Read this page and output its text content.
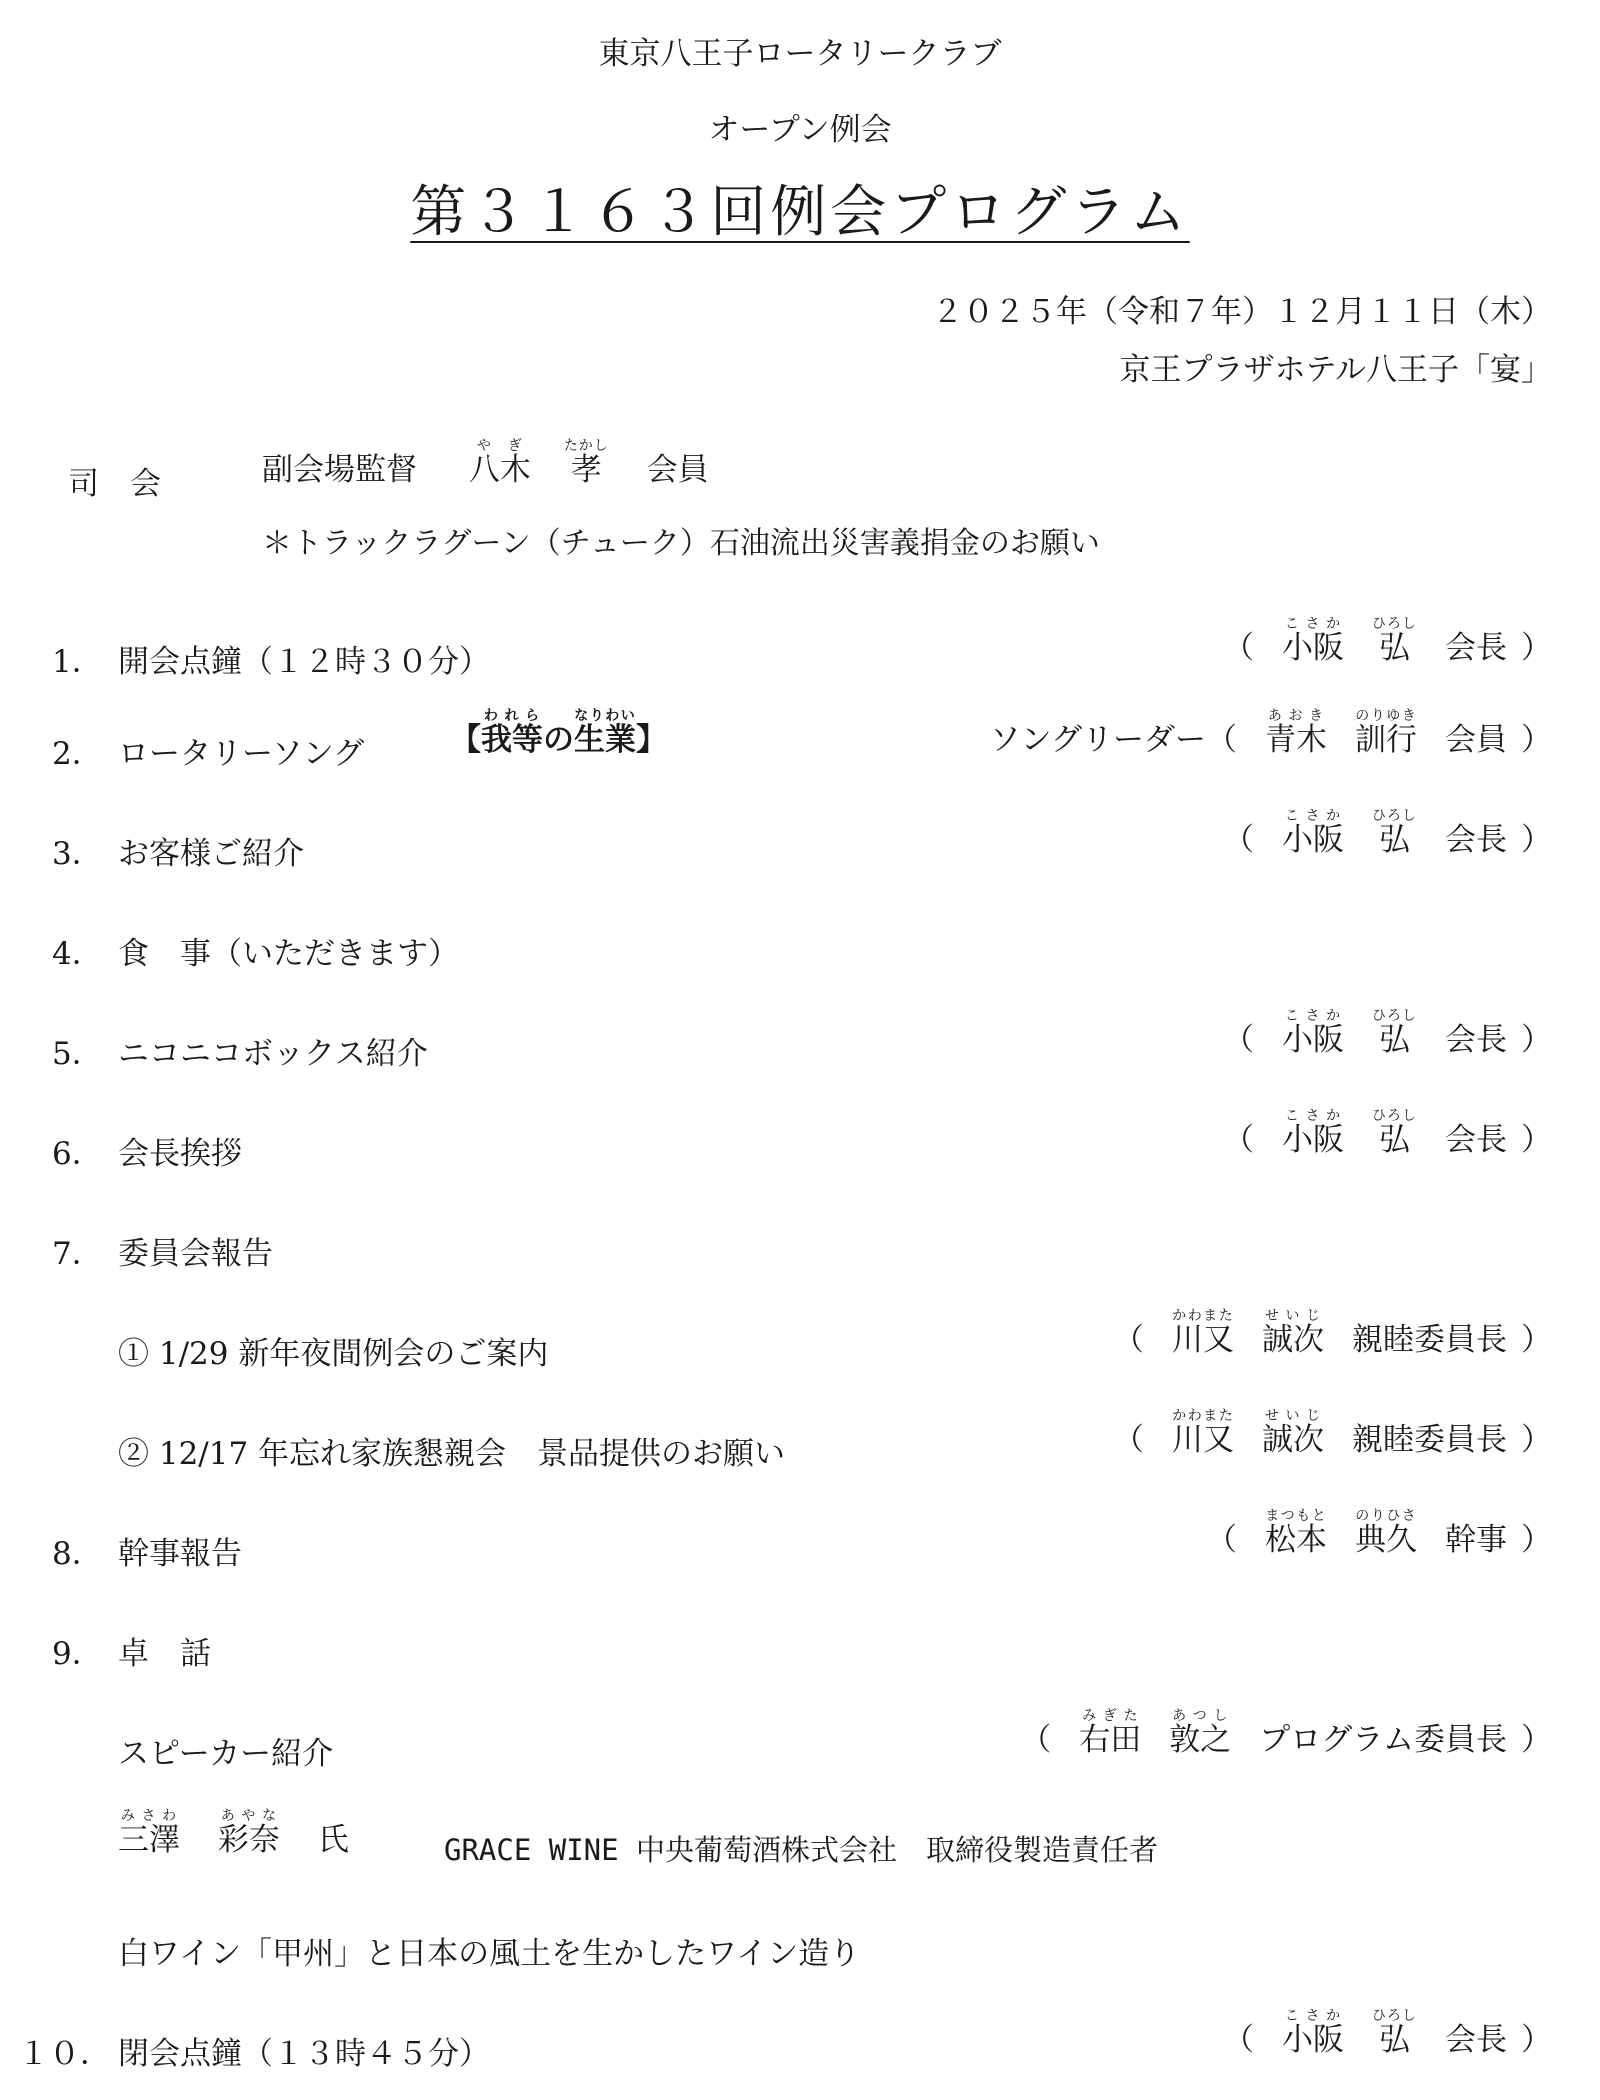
東京八王子ロータリークラブ
オープン例会
第３１６３回例会プログラム
２０２５年（令和７年）１２月１１日（木）
京王プラザホテル八王子「宴」
司　会	副会場監督 八木やぎ 孝たかし 会員
＊トラックラグーン（チューク）石油流出災害義捐金のお願い
1． 開会点鐘（１２時３０分）	（ 小阪こさか
弘ひろし
会長 ）
2． ロータリーソング	【我等われらの生業なりわい】	ソングリーダー （ 青木あおき
訓行のりゆき
会員 ）
3． お客様ご紹介	（ 小阪こさか
弘ひろし
会長 ）
4． 食　事（いただきます）
5． ニコニコボックス紹介	（ 小阪こさか
弘ひろし
会長 ）
6． 会長挨拶	（ 小阪こさか
弘ひろし
会長 ）
7． 委員会報告
① 1/29 新年夜間例会のご案内	（ 川又かわまた
誠次せいじ
親睦委員長 ）
② 12/17 年忘れ家族懇親会　景品提供のお願い	（ 川又かわまた
誠次せいじ
親睦委員長 ）
8． 幹事報告	（ 松本まつもと
典久のりひさ
幹事 ）
9． 卓　話
スピーカー紹介	（ 右田みぎた
敦之あつし
プログラム委員長 ）
三澤みさわ 彩奈あやな 氏	GRACE WINE 中央葡萄酒株式会社　取締役製造責任者
白ワイン「甲州」と日本の風土を生かしたワイン造り
１０． 閉会点鐘（１３時４５分）	（ 小阪こさか
弘ひろし
会長 ）
